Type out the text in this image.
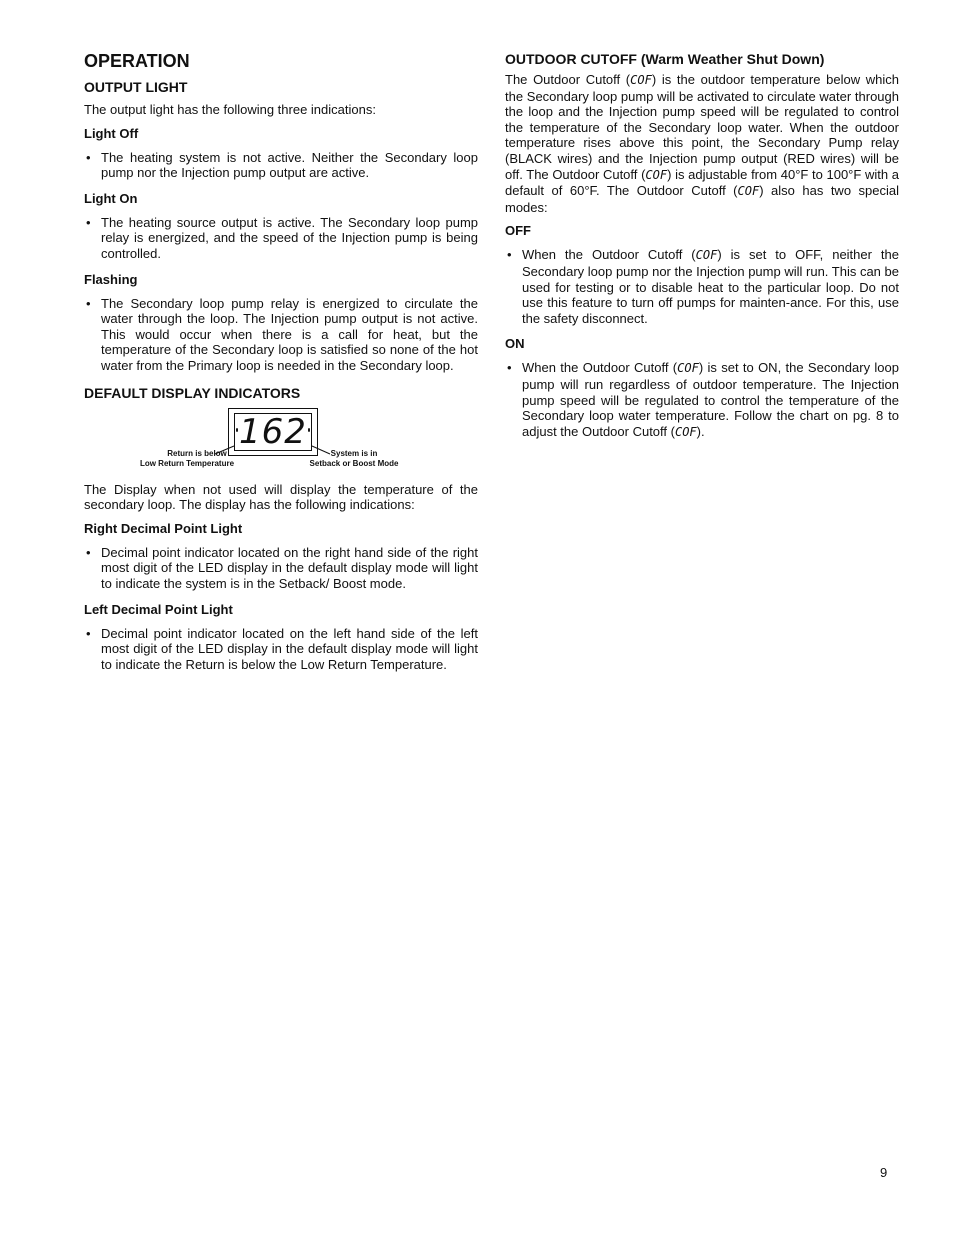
OPERATION
OUTPUT LIGHT

The output light has the following three indications:

Light Off
• The heating system is not active. Neither the Secondary loop pump nor the Injection pump output are active.
Light On
• The heating source output is active. The Secondary loop pump relay is energized, and the speed of the Injection pump is being controlled.
Flashing
• The Secondary loop pump relay is energized to circulate the water through the loop. The Injection pump output is not active. This would occur when there is a call for heat, but the temperature of the Secondary loop is satisfied so none of the hot water from the Primary loop is needed in the Secondary loop.
DEFAULT DISPLAY INDICATORS
162
Return is below
Low Return Temperature
System is in
Setback or Boost Mode

The Display when not used will display the temperature of the secondary loop. The display has the following indications:

Right Decimal Point Light
• Decimal point indicator located on the right hand side of the right most digit of the LED display in the default display mode will light to indicate the system is in the Setback/ Boost mode.
Left Decimal Point Light
• Decimal point indicator located on the left hand side of the left most digit of the LED display in the default display mode will light to indicate the Return is below the Low Return Temperature.
OUTDOOR CUTOFF (Warm Weather Shut Down)

The Outdoor Cutoff (COF) is the outdoor temperature below which the Secondary loop pump will be activated to circulate water through the loop and the Injection pump speed will be regulated to control the temperature of the Secondary loop water. When the outdoor temperature rises above this point, the Secondary Pump relay (BLACK wires) and the Injection pump output (RED wires) will be off. The Outdoor Cutoff (COF) is adjustable from 40°F to 100°F with a default of 60°F. The Outdoor Cutoff (COF) also has two special modes:

OFF
• When the Outdoor Cutoff (COF) is set to OFF, neither the Secondary loop pump nor the Injection pump will run. This can be used for testing or to disable heat to the particular loop. Do not use this feature to turn off pumps for mainten-ance. For this, use the safety disconnect.
ON
• When the Outdoor Cutoff (COF) is set to ON, the Secondary loop pump will run regardless of outdoor temperature. The Injection pump speed will be regulated to control the temperature of the Secondary loop water temperature. Follow the chart on pg. 8 to adjust the Outdoor Cutoff (COF).
9
